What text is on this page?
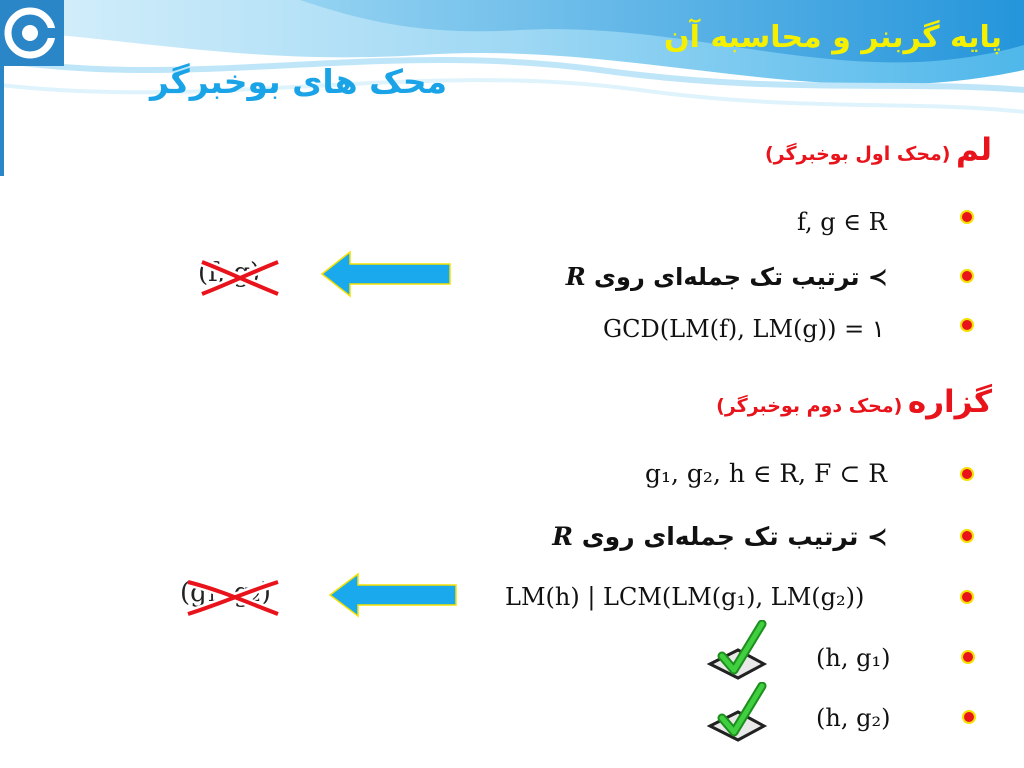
پایه گربنر و محاسبه آن
محک های بوخبرگر
لم (محک اول بوخبرگر)
f, g ∈ R
≻ ترتیب تک جمله‌ای روی R
GCD(LM(f), LM(g)) = ۱
(f, g)
گزاره (محک دوم بوخبرگر)
g₁, g₂, h ∈ R, F ⊂ R
≻ ترتیب تک جمله‌ای روی R
LM(h) | LCM(LM(g₁), LM(g₂))
(h, g₁)
(h, g₂)
(g₁, g₂)
